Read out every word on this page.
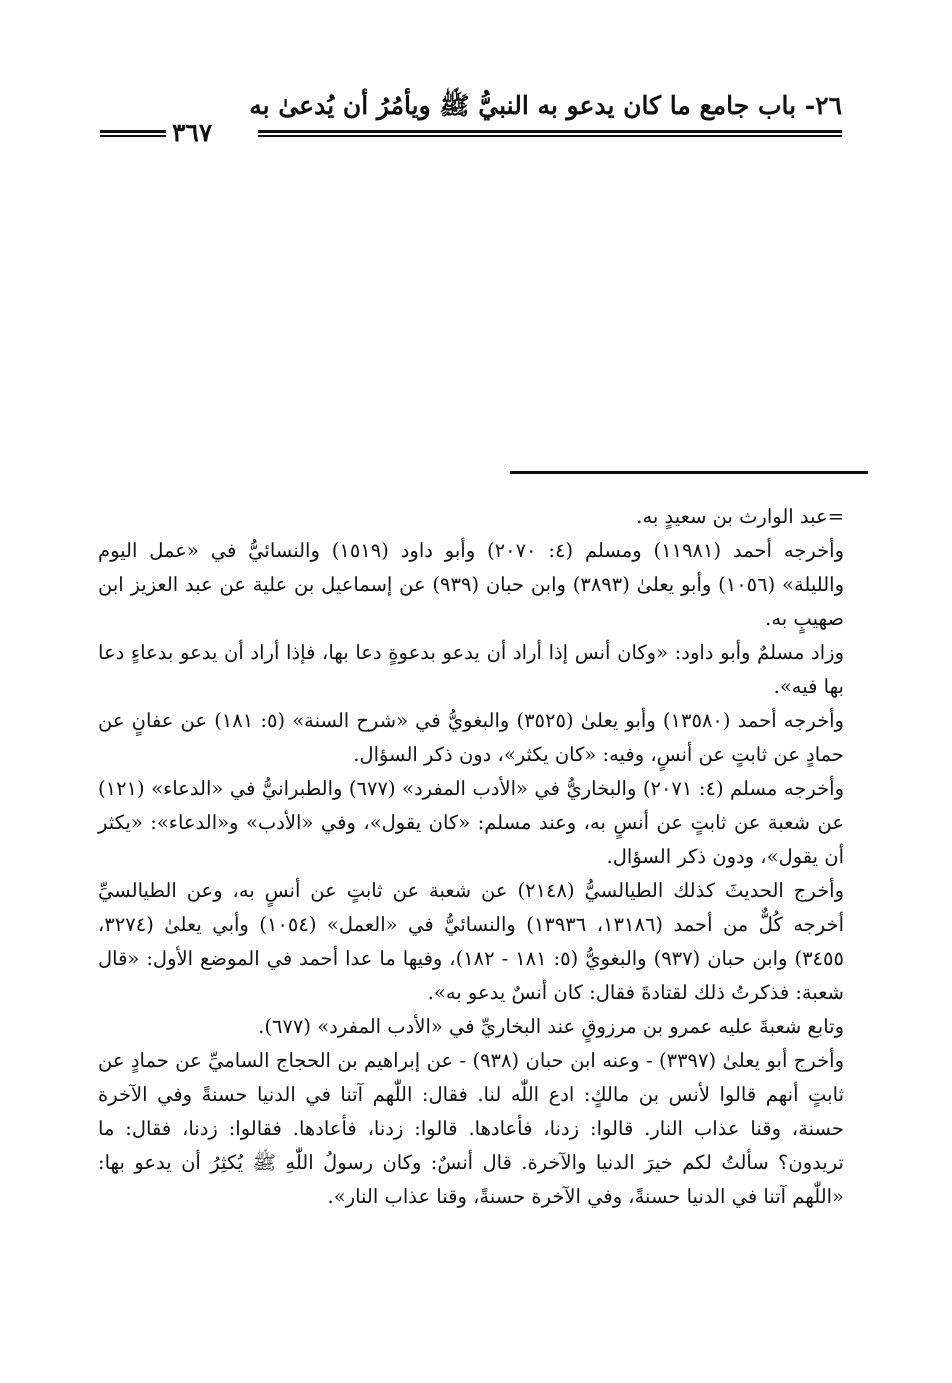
٢٦- باب جامع ما كان يدعو به النبيُّ ﷺ ويأمُرُ أن يُدعىٰ به
٣٦٧

=عبد الوارث بن سعيدٍ به.

وأخرجه أحمد (١١٩٨١) ومسلم (٤: ٢٠٧٠) وأبو داود (١٥١٩) والنسائيُّ في «عمل اليوم والليلة» (١٠٥٦) وأبو يعلىٰ (٣٨٩٣) وابن حبان (٩٣٩) عن إسماعيل بن علية عن عبد العزيز ابن صهيبٍ به.

وزاد مسلمٌ وأبو داود: «وكان أنس إذا أراد أن يدعو بدعوةٍ دعا بها، فإذا أراد أن يدعو بدعاءٍ دعا بها فيه».

وأخرجه أحمد (١٣٥٨٠) وأبو يعلىٰ (٣٥٢٥) والبغويُّ في «شرح السنة» (٥: ١٨١) عن عفانٍ عن حمادٍ عن ثابتٍ عن أنسٍ، وفيه: «كان يكثر»، دون ذكر السؤال.

وأخرجه مسلم (٤: ٢٠٧١) والبخاريُّ في «الأدب المفرد» (٦٧٧) والطبرانيُّ في «الدعاء» (١٢١) عن شعبة عن ثابتٍ عن أنسٍ به، وعند مسلم: «كان يقول»، وفي «الأدب» و«الدعاء»: «يكثر أن يقول»، ودون ذكر السؤال.

وأخرج الحديثَ كذلك الطيالسيُّ (٢١٤٨) عن شعبة عن ثابتٍ عن أنسٍ به، وعن الطيالسيِّ أخرجه كُلٌّ من أحمد (١٣١٨٦، ١٣٩٣٦) والنسائيُّ في «العمل» (١٠٥٤) وأبي يعلىٰ (٣٢٧٤، ٣٤٥٥) وابن حبان (٩٣٧) والبغويُّ (٥: ١٨١ - ١٨٢)، وفيها ما عدا أحمد في الموضع الأول: «قال شعبة: فذكرتُ ذلك لقتادةَ فقال: كان أنسٌ يدعو به».

وتابع شعبةَ عليه عمرو بن مرزوقٍ عند البخاريِّ في «الأدب المفرد» (٦٧٧).

وأخرج أبو يعلىٰ (٣٣٩٧) - وعنه ابن حبان (٩٣٨) - عن إبراهيم بن الحجاج الساميِّ عن حمادٍ عن ثابتٍ أنهم قالوا لأنس بن مالكٍ: ادع اللّٰه لنا. فقال: اللّٰهم آتنا في الدنيا حسنةً وفي الآخرة حسنة، وقنا عذاب النار. قالوا: زدنا، فأعادها. قالوا: زدنا، فأعادها. فقالوا: زدنا، فقال: ما تريدون؟ سألتُ لكم خيرَ الدنيا والآخرة. قال أنسٌ: وكان رسولُ اللّٰهِ ﷺ يُكثِرُ أن يدعو بها: «اللّٰهم آتنا في الدنيا حسنةً، وفي الآخرة حسنةً، وقنا عذاب النار».
